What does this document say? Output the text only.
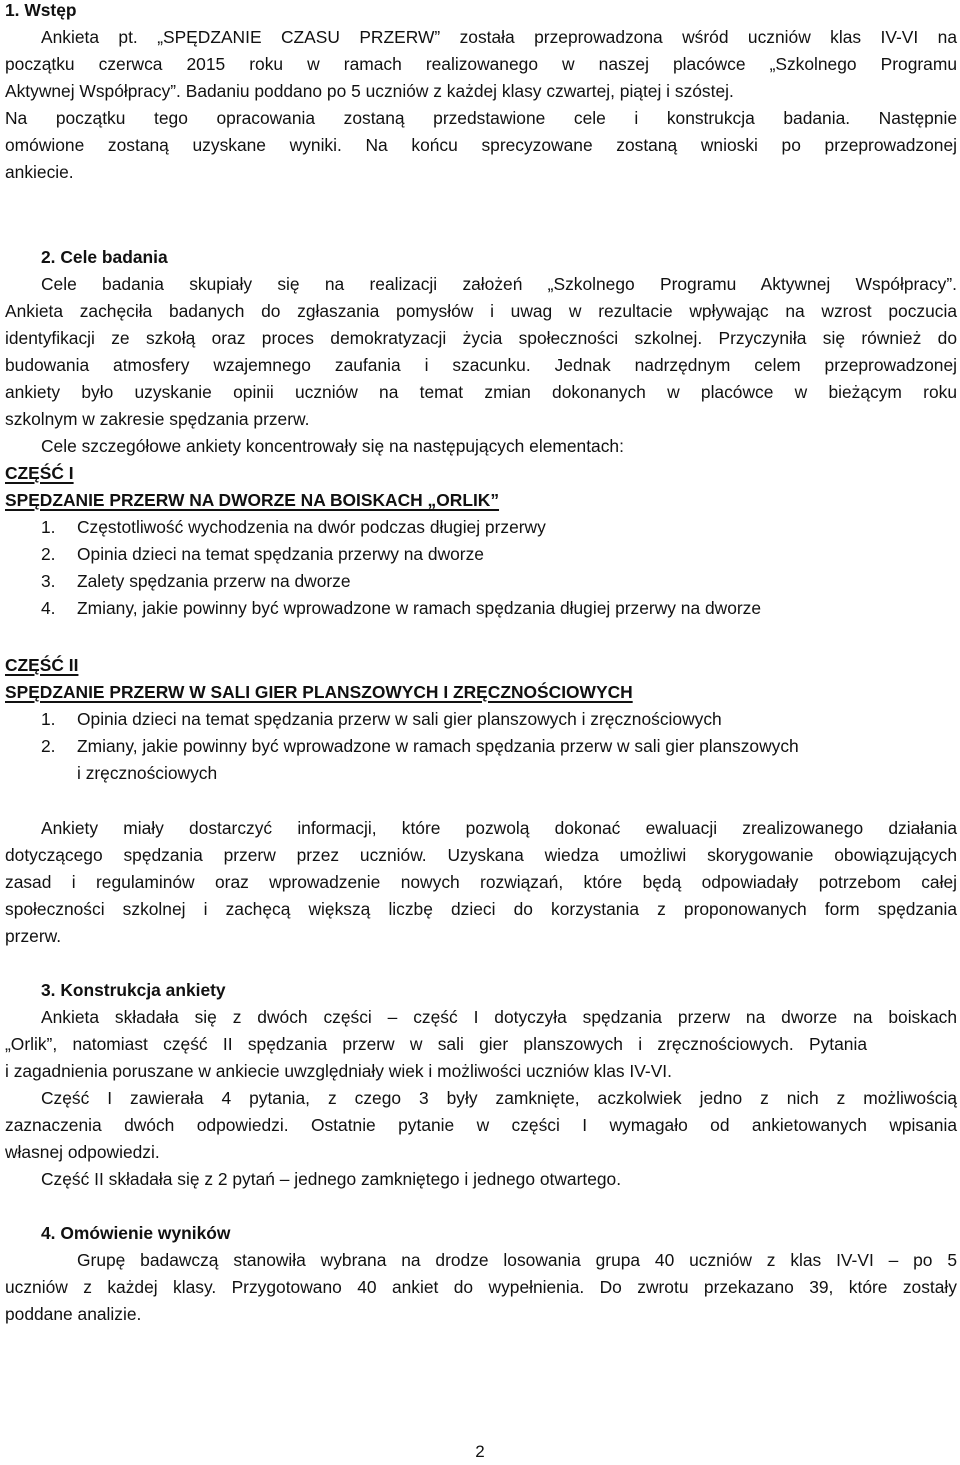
1. Wstęp

Ankieta pt. „SPĘDZANIE CZASU PRZERW” została przeprowadzona wśród uczniów klas IV-VI na

początku czerwca 2015 roku w ramach realizowanego w naszej placówce „Szkolnego Programu

Aktywnej Współpracy”. Badaniu poddano po 5 uczniów z każdej klasy czwartej, piątej i szóstej.

Na początku tego opracowania zostaną przedstawione cele i konstrukcja badania. Następnie

omówione zostaną uzyskane wyniki. Na końcu sprecyzowane zostaną wnioski po przeprowadzonej

ankiecie.

2. Cele badania

Cele badania skupiały się na realizacji założeń „Szkolnego Programu Aktywnej Współpracy”.

Ankieta zachęciła badanych do zgłaszania pomysłów i uwag w rezultacie wpływając na wzrost poczucia

identyfikacji ze szkołą oraz proces demokratyzacji życia społeczności szkolnej. Przyczyniła się również do

budowania atmosfery wzajemnego zaufania i szacunku. Jednak nadrzędnym celem przeprowadzonej

ankiety było uzyskanie opinii uczniów na temat zmian dokonanych w placówce w bieżącym roku

szkolnym w zakresie spędzania przerw.

Cele szczegółowe ankiety koncentrowały się na następujących elementach:

CZĘŚĆ I

SPĘDZANIE PRZERW NA DWORZE NA BOISKACH „ORLIK”

1. Częstotliwość wychodzenia na dwór podczas długiej przerwy

2. Opinia dzieci na temat spędzania przerwy na dworze

3. Zalety spędzania przerw na dworze

4. Zmiany, jakie powinny być wprowadzone w ramach spędzania długiej przerwy na dworze

CZĘŚĆ II

SPĘDZANIE PRZERW W SALI GIER PLANSZOWYCH I ZRĘCZNOŚCIOWYCH

1. Opinia dzieci na temat spędzania przerw w sali gier planszowych i zręcznościowych

2. Zmiany, jakie powinny być wprowadzone w ramach spędzania przerw w sali gier planszowych

i zręcznościowych

Ankiety miały dostarczyć informacji, które pozwolą dokonać ewaluacji zrealizowanego działania

dotyczącego spędzania przerw przez uczniów. Uzyskana wiedza umożliwi skorygowanie obowiązujących

zasad i regulaminów oraz wprowadzenie nowych rozwiązań, które będą odpowiadały potrzebom całej

społeczności szkolnej i zachęcą większą liczbę dzieci do korzystania z proponowanych form spędzania

przerw.

3. Konstrukcja ankiety

Ankieta składała się z dwóch części – część I dotyczyła spędzania przerw na dworze na boiskach

„Orlik”, natomiast część II spędzania przerw w sali gier planszowych i zręcznościowych. Pytania

i zagadnienia poruszane w ankiecie uwzględniały wiek i możliwości uczniów klas IV-VI.

Część I zawierała 4 pytania, z czego 3 były zamknięte, aczkolwiek jedno z nich z możliwością

zaznaczenia dwóch odpowiedzi. Ostatnie pytanie w części I wymagało od ankietowanych wpisania

własnej odpowiedzi.

Część II składała się z 2 pytań – jednego zamkniętego i jednego otwartego.

4. Omówienie wyników

Grupę badawczą stanowiła wybrana na drodze losowania grupa 40 uczniów z klas IV-VI – po 5

uczniów z każdej klasy. Przygotowano 40 ankiet do wypełnienia. Do zwrotu przekazano 39, które zostały

poddane analizie.

2
